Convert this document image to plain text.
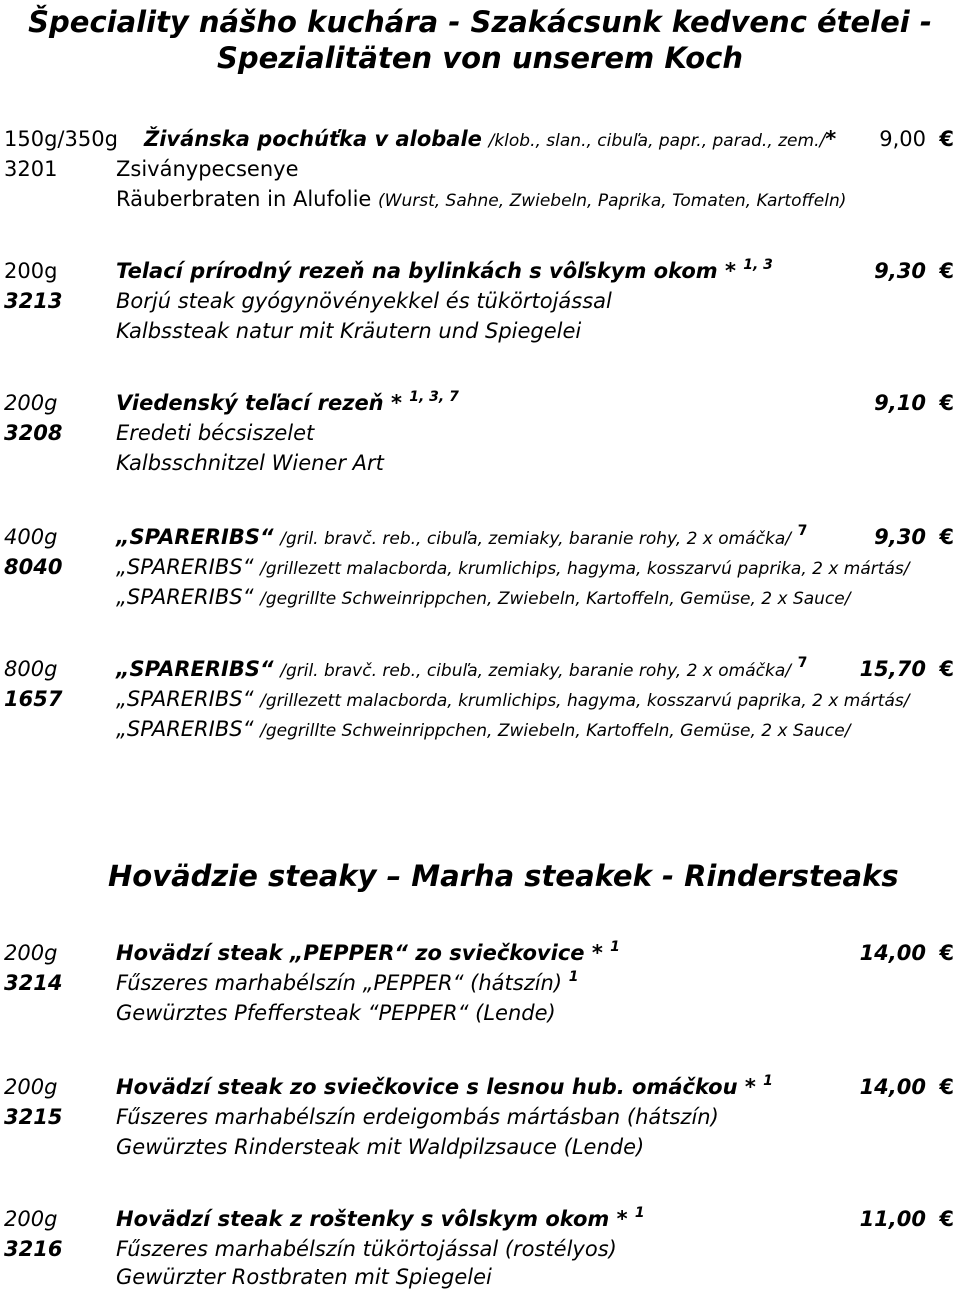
Špeciality nášho kuchára - Szakácsunk kedvenc ételei -
Spezialitäten von unserem Koch
150g/350g Živánska pochúťka v alobale /klob., slan., cibuľa, papr., parad., zem./* 9,00 €
3201	Zsiványpecsenye
Räuberbraten in Alufolie (Wurst, Sahne, Zwiebeln, Paprika, Tomaten, Kartoffeln)
200g	Telací prírodný rezeň na bylinkách s vôľskym okom * $^{1, 3}$	9,30 €
3213	Borjú steak gyógynövényekkel és tükörtojással
Kalbssteak natur mit Kräutern und Spiegelei
200g	Viedenský teľací rezeň * $^{1, 3, 7}$	9,10 €
3208	Eredeti bécsiszelet
Kalbsschnitzel Wiener Art
400g	„SPARERIBS“ /gril. bravč. reb., cibuľa, zemiaky, baranie rohy, 2 x omáčka/ $^7$	9,30 €
8040	„SPARERIBS“ /grillezett malacborda, krumlichips, hagyma, kosszarvú paprika, 2 x mártás/
„SPARERIBS“ /gegrillte Schweinrippchen, Zwiebeln, Kartoffeln, Gemüse, 2 x Sauce/
800g	„SPARERIBS“ /gril. bravč. reb., cibuľa, zemiaky, baranie rohy, 2 x omáčka/ $^7$ 15,70 €
1657	„SPARERIBS“ /grillezett malacborda, krumlichips, hagyma, kosszarvú paprika, 2 x mártás/
„SPARERIBS“ /gegrillte Schweinrippchen, Zwiebeln, Kartoffeln, Gemüse, 2 x Sauce/
Hovädzie steaky – Marha steakek - Rindersteaks
200g	Hovädzí steak „PEPPER“ zo sviečkovice * $^1$	14,00 €
3214	Fűszeres marhabélszín „PEPPER“ (hátszín) $^1$
Gewürztes Pfeffersteak “PEPPER“ (Lende)
200g	Hovädzí steak zo sviečkovice s lesnou hub. omáčkou * $^1$	14,00 €
3215	Fűszeres marhabélszín erdeigombás mártásban (hátszín)
Gewürztes Rindersteak mit Waldpilzsauce (Lende)
200g	Hovädzí steak z roštenky s vôlskym okom * $^1$	11,00 €
3216	Fűszeres marhabélszín tükörtojással (rostélyos)
Gewürzter Rostbraten mit Spiegelei
